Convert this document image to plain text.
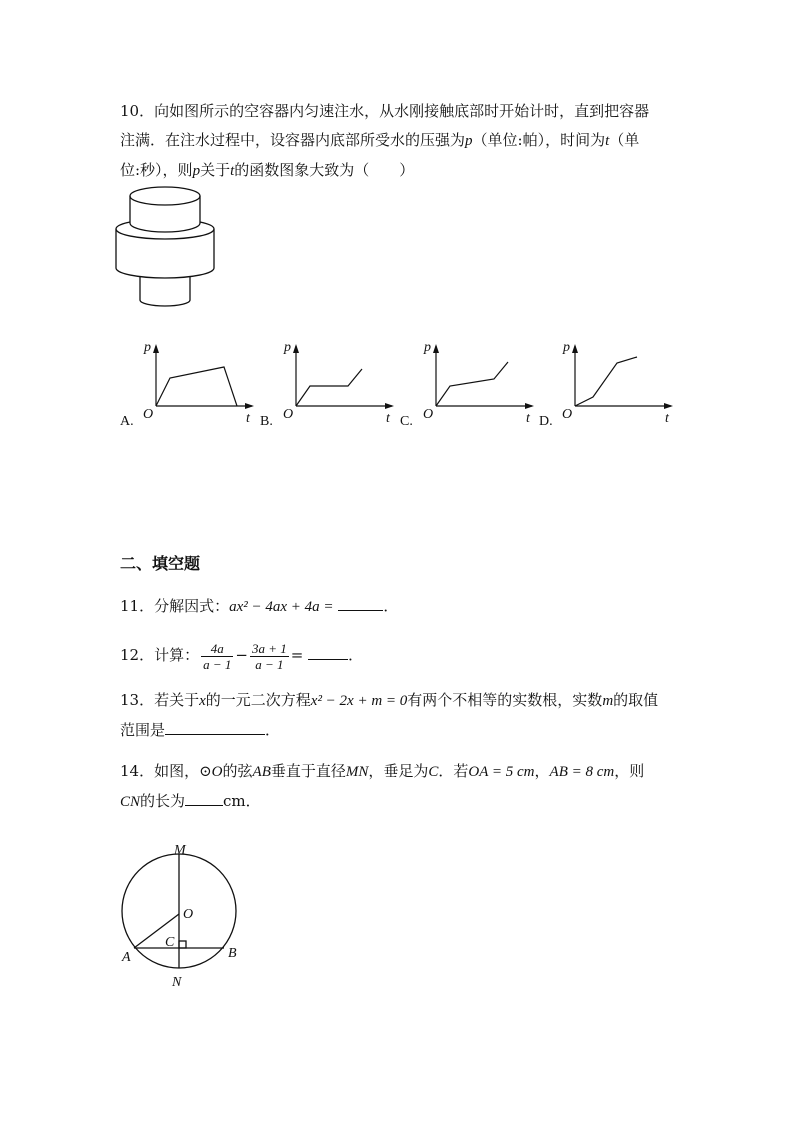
10．向如图所示的空容器内匀速注水，从水刚接触底部时开始计时，直到把容器
注满．在注水过程中，设容器内底部所受水的压强为p（单位:帕），时间为t（单
位:秒），则p关于t的函数图象大致为（　　）
p
O	t
A.
p
O	t
B.
p
O	t
C.
p
O	t
D.
二、填空题
11．分解因式：ax² − 4ax + 4a =	．
12．计算： $\frac{4a}{a - 1} - \frac{3a + 1}{a - 1}$ =	．
13．若关于x的一元二次方程x² − 2x + m = 0有两个不相等的实数根，实数m的取值
范围是	．
14．如图，⊙O的弦AB垂直于直径MN，垂足为C．若OA = 5 cm，AB = 8 cm，则
CN的长为	cm．
M
O
C
A	B
N
